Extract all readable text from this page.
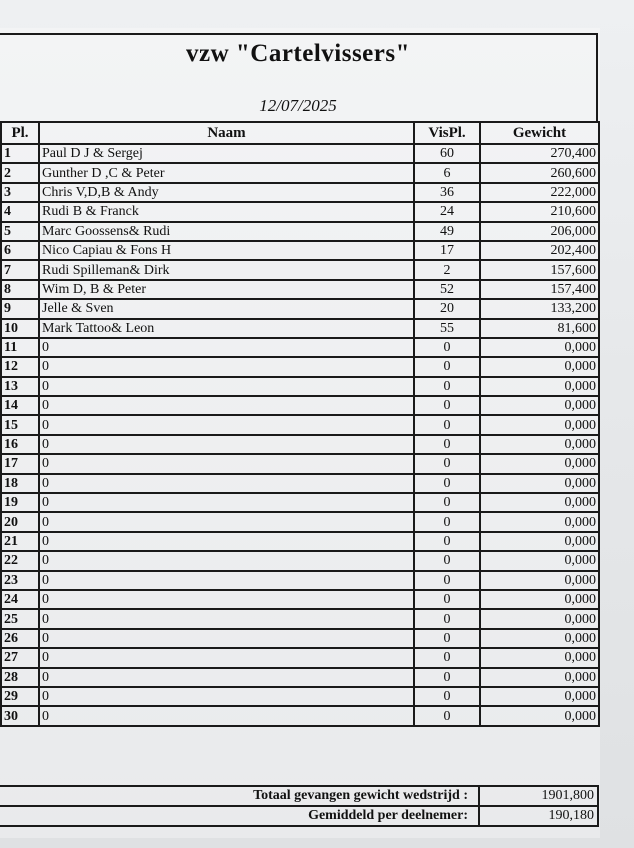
vzw "Cartelvissers"
12/07/2025
Pl.	Naam	VisPl.	Gewicht
1	Paul D J & Sergej	60	270,400
2	Gunther D ,C & Peter	6	260,600
3	Chris V,D,B & Andy	36	222,000
4	Rudi B & Franck	24	210,600
5	Marc Goossens& Rudi	49	206,000
6	Nico Capiau & Fons H	17	202,400
7	Rudi Spilleman& Dirk	2	157,600
8	Wim D, B & Peter	52	157,400
9	Jelle & Sven	20	133,200
10	Mark Tattoo& Leon	55	81,600
11	0	0	0,000
12	0	0	0,000
13	0	0	0,000
14	0	0	0,000
15	0	0	0,000
16	0	0	0,000
17	0	0	0,000
18	0	0	0,000
19	0	0	0,000
20	0	0	0,000
21	0	0	0,000
22	0	0	0,000
23	0	0	0,000
24	0	0	0,000
25	0	0	0,000
26	0	0	0,000
27	0	0	0,000
28	0	0	0,000
29	0	0	0,000
30	0	0	0,000
Totaal gevangen gewicht wedstrijd :	1901,800
Gemiddeld per deelnemer:	190,180
